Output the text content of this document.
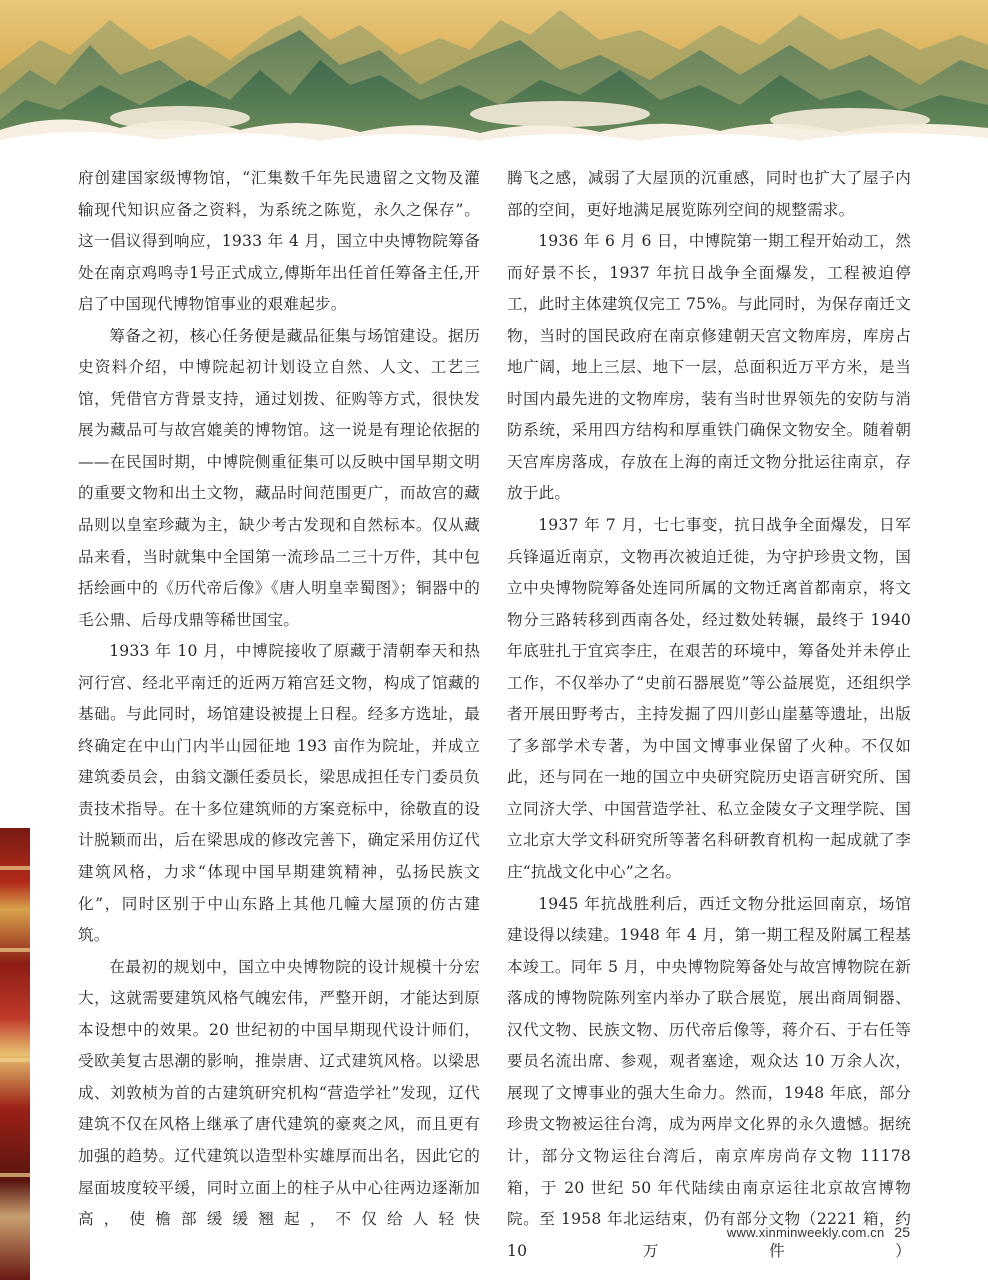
府创建国家级博物馆，“汇集数千年先民遗留之文物及灌输现代知识应备之资料，为系统之陈览，永久之保存”。这一倡议得到响应，1933 年 4 月，国立中央博物院筹备处在南京鸡鸣寺1号正式成立,傅斯年出任首任筹备主任,开启了中国现代博物馆事业的艰难起步。

筹备之初，核心任务便是藏品征集与场馆建设。据历史资料介绍，中博院起初计划设立自然、人文、工艺三馆，凭借官方背景支持，通过划拨、征购等方式，很快发展为藏品可与故宫媲美的博物馆。这一说是有理论依据的——在民国时期，中博院侧重征集可以反映中国早期文明的重要文物和出土文物，藏品时间范围更广，而故宫的藏品则以皇室珍藏为主，缺少考古发现和自然标本。仅从藏品来看，当时就集中全国第一流珍品二三十万件，其中包括绘画中的《历代帝后像》《唐人明皇幸蜀图》；铜器中的毛公鼎、后母戊鼎等稀世国宝。

1933 年 10 月，中博院接收了原藏于清朝奉天和热河行宫、经北平南迁的近两万箱宫廷文物，构成了馆藏的基础。与此同时，场馆建设被提上日程。经多方选址，最终确定在中山门内半山园征地 193 亩作为院址，并成立建筑委员会，由翁文灏任委员长，梁思成担任专门委员负责技术指导。在十多位建筑师的方案竞标中，徐敬直的设计脱颖而出，后在梁思成的修改完善下，确定采用仿辽代建筑风格，力求“体现中国早期建筑精神，弘扬民族文化”，同时区别于中山东路上其他几幢大屋顶的仿古建筑。

在最初的规划中，国立中央博物院的设计规模十分宏大，这就需要建筑风格气魄宏伟，严整开朗，才能达到原本设想中的效果。20 世纪初的中国早期现代设计师们，受欧美复古思潮的影响，推崇唐、辽式建筑风格。以梁思成、刘敦桢为首的古建筑研究机构“营造学社”发现，辽代建筑不仅在风格上继承了唐代建筑的豪爽之风，而且更有加强的趋势。辽代建筑以造型朴实雄厚而出名，因此它的屋面坡度较平缓，同时立面上的柱子从中心往两边逐渐加高，使檐部缓缓翘起，不仅给人轻快

腾飞之感，减弱了大屋顶的沉重感，同时也扩大了屋子内部的空间，更好地满足展览陈列空间的规整需求。

1936 年 6 月 6 日，中博院第一期工程开始动工，然而好景不长，1937 年抗日战争全面爆发，工程被迫停工，此时主体建筑仅完工 75%。与此同时，为保存南迁文物，当时的国民政府在南京修建朝天宫文物库房，库房占地广阔，地上三层、地下一层，总面积近万平方米，是当时国内最先进的文物库房，装有当时世界领先的安防与消防系统，采用四方结构和厚重铁门确保文物安全。随着朝天宫库房落成，存放在上海的南迁文物分批运往南京，存放于此。

1937 年 7 月，七七事变，抗日战争全面爆发，日军兵锋逼近南京，文物再次被迫迁徙，为守护珍贵文物，国立中央博物院筹备处连同所属的文物迁离首都南京，将文物分三路转移到西南各处，经过数处转辗，最终于 1940 年底驻扎于宜宾李庄，在艰苦的环境中，筹备处并未停止工作，不仅举办了“史前石器展览”等公益展览，还组织学者开展田野考古，主持发掘了四川彭山崖墓等遗址，出版了多部学术专著，为中国文博事业保留了火种。不仅如此，还与同在一地的国立中央研究院历史语言研究所、国立同济大学、中国营造学社、私立金陵女子文理学院、国立北京大学文科研究所等著名科研教育机构一起成就了李庄“抗战文化中心”之名。

1945 年抗战胜利后，西迁文物分批运回南京，场馆建设得以续建。1948 年 4 月，第一期工程及附属工程基本竣工。同年 5 月，中央博物院筹备处与故宫博物院在新落成的博物院陈列室内举办了联合展览，展出商周铜器、汉代文物、民族文物、历代帝后像等，蒋介石、于右任等要员名流出席、参观，观者塞途，观众达 10 万余人次，展现了文博事业的强大生命力。然而，1948 年底，部分珍贵文物被运往台湾，成为两岸文化界的永久遗憾。据统计，部分文物运往台湾后，南京库房尚存文物 11178 箱，于 20 世纪 50 年代陆续由南京运往北京故宫博物院。至 1958 年北运结束，仍有部分文物（2221 箱，约 10 万件）

www.xinminweekly.com.cn 25
